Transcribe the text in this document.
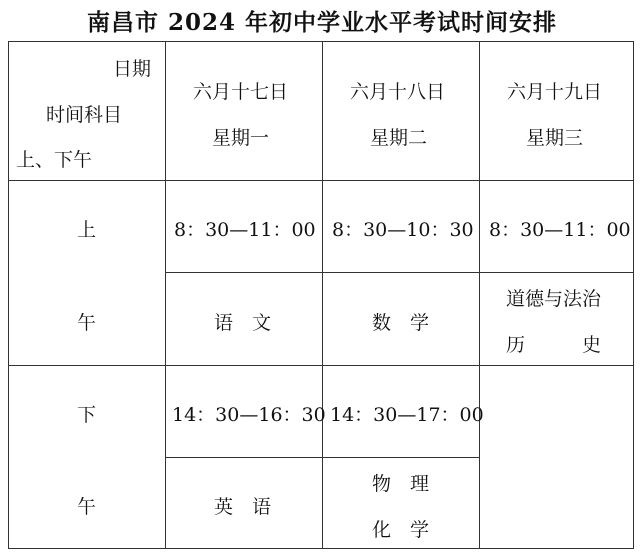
南昌市 2024 年初中学业水平考试时间安排
日期
时间科目
上、下午
六月十七日
星期一
六月十八日
星期二
六月十九日
星期三
上
午
8：30—11：00 8：30—10：30 8：30—11：00
语　文	数　学
道德与法治
历　　　史
下
午
14：30—16：30 14：30—17：00
英　语
物　理
化　学
